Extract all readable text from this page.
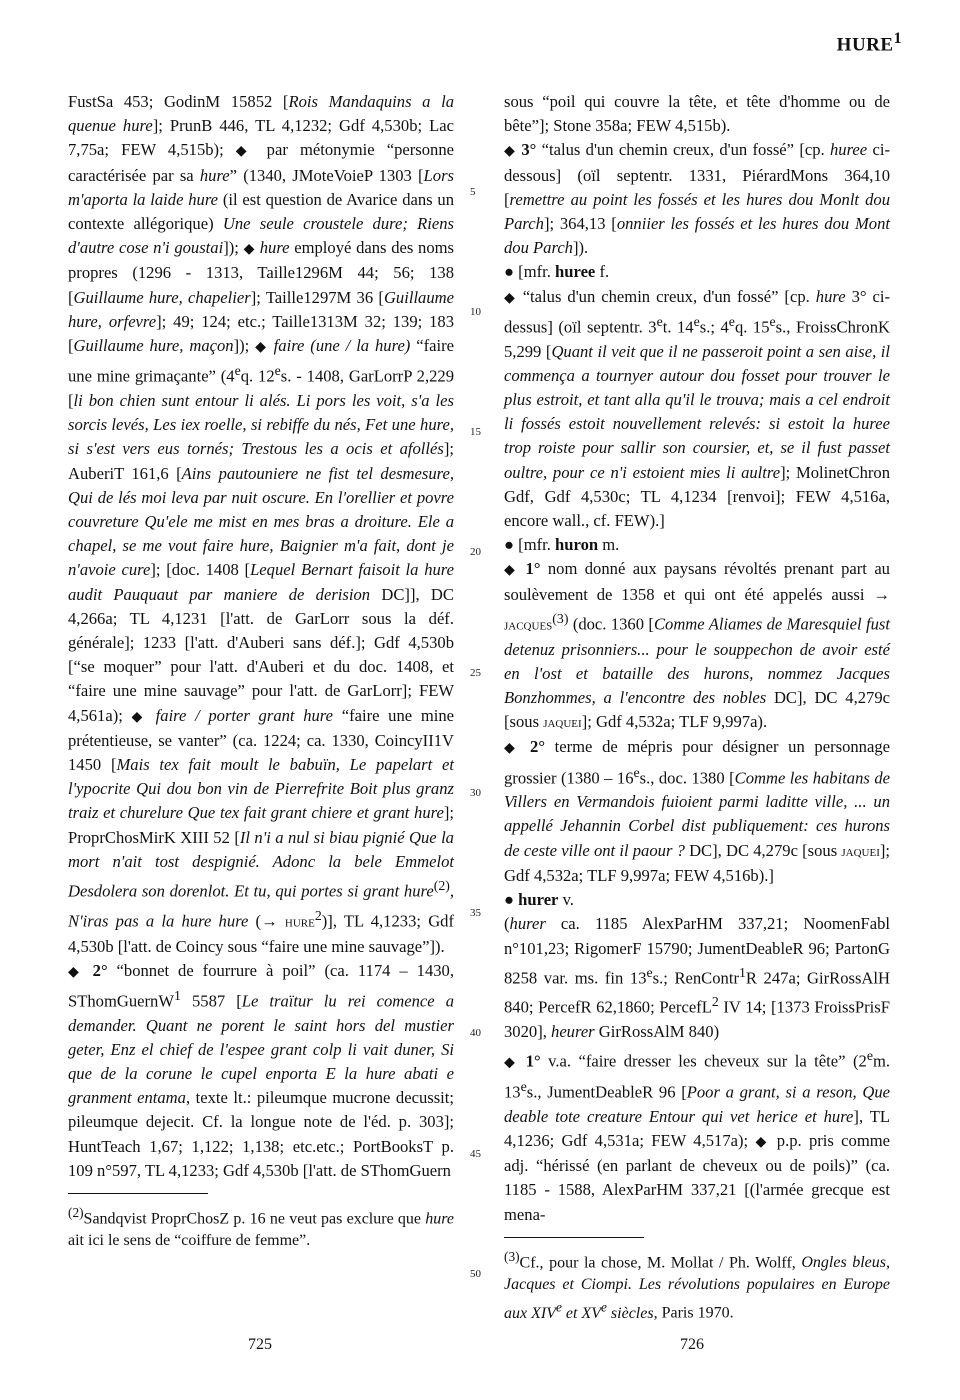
HURE$^1$

FustSa 453; GodinM 15852 [Rois Mandaquins a la quenue hure]; PrunB 446, TL 4,1232; Gdf 4,530b; Lac 7,75a; FEW 4,515b); ◆ par métonymie “personne caractérisée par sa hure” (1340, JMoteVoieP 1303 [Lors m'aporta la laide hure (il est question de Avarice dans un contexte allégorique) Une seule croustele dure; Riens d'autre cose n'i goustai]); ◆ hure employé dans des noms propres (1296 - 1313, Taille1296M 44; 56; 138 [Guillaume hure, chapelier]; Taille1297M 36 [Guillaume hure, orfevre]; 49; 124; etc.; Taille1313M 32; 139; 183 [Guillaume hure, maçon]); ◆ faire (une / la hure) “faire une mine grimaçante” (4eq. 12es. - 1408, GarLorrP 2,229 [li bon chien sunt entour li alés. Li pors les voit, s'a les sorcis levés, Les iex roelle, si rebiffe du nés, Fet une hure, si s'est vers eus tornés; Trestous les a ocis et afollés]; AuberiT 161,6 [Ains pautouniere ne fist tel desmesure, Qui de lés moi leva par nuit oscure. En l'orellier et povre couvreture Qu'ele me mist en mes bras a droiture. Ele a chapel, se me vout faire hure, Baignier m'a fait, dont je n'avoie cure]; [doc. 1408 [Lequel Bernart faisoit la hure audit Pauquaut par maniere de derision DC]], DC 4,266a; TL 4,1231 [l'att. de GarLorr sous la déf. générale]; 1233 [l'att. d'Auberi sans déf.]; Gdf 4,530b [“se moquer” pour l'att. d'Auberi et du doc. 1408, et “faire une mine sauvage” pour l'att. de GarLorr]; FEW 4,561a); ◆ faire / porter grant hure “faire une mine prétentieuse, se vanter” (ca. 1224; ca. 1330, CoincyII1V 1450 [Mais tex fait moult le babuïn, Le papelart et l'ypocrite Qui dou bon vin de Pierrefrite Boit plus granz traiz et churelure Que tex fait grant chiere et grant hure]; ProprChosMirK XIII 52 [Il n'i a nul si biau pignié Que la mort n'ait tost despignié. Adonc la bele Emmelot Desdolera son dorenlot. Et tu, qui portes si grant hure$^{(2)}$, N'iras pas a la hure hure (→ hure$^2$)], TL 4,1233; Gdf 4,530b [l'att. de Coincy sous “faire une mine sauvage”]).
◆ 2° “bonnet de fourrure à poil” (ca. 1174 – 1430, SThomGuernW$^1$ 5587 [Le traïtur lu rei comence a demander. Quant ne porent le saint hors del mustier geter, Enz el chief de l'espee grant colp li vait duner, Si que de la corune le cupel enporta E la hure abati e granment entama, texte lt.: pileumque mucrone decussit; pileumque dejecit. Cf. la longue note de l'éd. p. 303]; HuntTeach 1,67; 1,122; 1,138; etc.etc.; PortBooksT p. 109 n°597, TL 4,1233; Gdf 4,530b [l'att. de SThomGuern

$^{(2)}$Sandqvist ProprChosZ p. 16 ne veut pas exclure que hure ait ici le sens de “coiffure de femme”.

sous “poil qui couvre la tête, et tête d'homme ou de bête”]; Stone 358a; FEW 4,515b).
◆ 3° “talus d'un chemin creux, d'un fossé” [cp. huree ci-dessous] (oïl septentr. 1331, PiérardMons 364,10 [remettre au point les fossés et les hures dou Monlt dou Parch]; 364,13 [onniier les fossés et les hures dou Mont dou Parch]).
● [mfr. huree f.
◆ “talus d'un chemin creux, d'un fossé” [cp. hure 3° ci-dessus] (oïl septentr. 3et. 14es.; 4eq. 15es., FroissChronK 5,299 [Quant il veit que il ne passeroit point a sen aise, il commença a tournyer autour dou fosset pour trouver le plus estroit, et tant alla qu'il le trouva; mais a cel endroit li fossés estoit nouvellement relevés: si estoit la huree trop roiste pour sallir son coursier, et, se il fust passet oultre, pour ce n'i estoient mies li aultre]; MolinetChron Gdf, Gdf 4,530c; TL 4,1234 [renvoi]; FEW 4,516a, encore wall., cf. FEW).]
● [mfr. huron m.
◆ 1° nom donné aux paysans révoltés prenant part au soulèvement de 1358 et qui ont été appelés aussi → jacques$^{(3)}$ (doc. 1360 [Comme Aliames de Maresquiel fust detenuz prisonniers... pour le souppechon de avoir esté en l'ost et bataille des hurons, nommez Jacques Bonzhommes, a l'encontre des nobles DC], DC 4,279c [sous jaquei]; Gdf 4,532a; TLF 9,997a).
◆ 2° terme de mépris pour désigner un personnage grossier (1380 – 16es., doc. 1380 [Comme les habitans de Villers en Vermandois fuioient parmi laditte ville, ... un appellé Jehannin Corbel dist publiquement: ces hurons de ceste ville ont il paour ? DC], DC 4,279c [sous jaquei]; Gdf 4,532a; TLF 9,997a; FEW 4,516b).]
● hurer v.
(hurer ca. 1185 AlexParHM 337,21; NoomenFabl n°101,23; RigomerF 15790; JumentDeableR 96; PartonG 8258 var. ms. fin 13es.; RenContr$^1$R 247a; GirRossAlH 840; PercefR 62,1860; PercefL$^2$ IV 14; [1373 FroissPrisF 3020], heurer GirRossAlM 840)
◆ 1° v.a. “faire dresser les cheveux sur la tête” (2em. 13es., JumentDeableR 96 [Poor a grant, si a reson, Que deable tote creature Entour qui vet herice et hure], TL 4,1236; Gdf 4,531a; FEW 4,517a); ◆ p.p. pris comme adj. “hérissé (en parlant de cheveux ou de poils)” (ca. 1185 - 1588, AlexParHM 337,21 [(l'armée grecque est mena-

$^{(3)}$Cf., pour la chose, M. Mollat / Ph. Wolff, Ongles bleus, Jacques et Ciompi. Les révolutions populaires en Europe aux XIVe et XVe siècles, Paris 1970.

5
10
15
20
25
30
35
40
45
50
725	726
